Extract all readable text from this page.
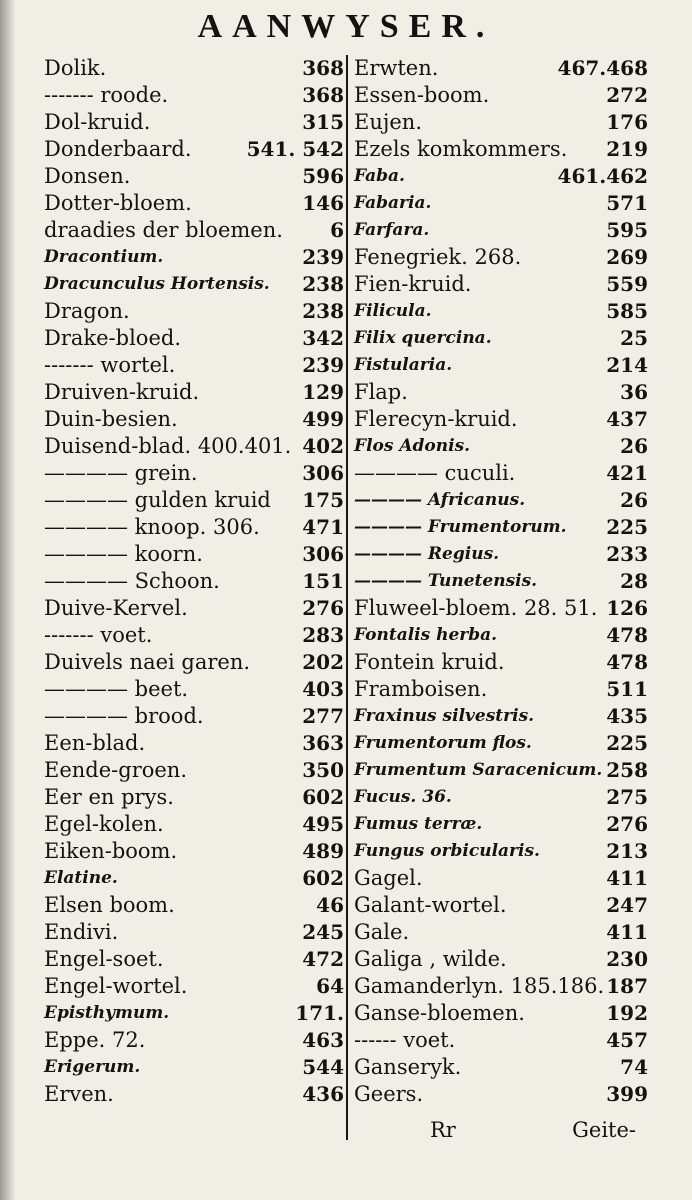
AANWYSER.
Dolik.	368
------- roode.	368
Dol-kruid.	315
Donderbaard.	541. 542
Donsen.	596
Dotter-bloem.	146
draadies der bloemen. 6
Dracontium.	239
Dracunculus Hortensis. 238
Dragon.	238
Drake-bloed.	342
------- wortel.	239
Druiven-kruid.	129
Duin-besien.	499
Duisend-blad. 400.401. 402
———— grein.	306
———— gulden kruid 175
———— knoop. 306. 471
———— koorn.	306
———— Schoon.	151
Duive-Kervel.	276
------- voet.	283
Duivels naei garen.	202
———— beet.	403
———— brood.	277
Een-blad.	363
Eende-groen.	350
Eer en prys.	602
Egel-kolen.	495
Eiken-boom.	489
Elatine.	602
Elsen boom.	46
Endivi.	245
Engel-soet.	472
Engel-wortel.	64
Episthymum.	171.
Eppe. 72.	463
Erigerum.	544
Erven.	436
Erwten.	467.468
Essen-boom.	272
Eujen.	176
Ezels komkommers. 219
Faba.	461.462
Fabaria.	571
Farfara.	595
Fenegriek. 268.	269
Fien-kruid.	559
Filicula.	585
Filix quercina.	25
Fistularia.	214
Flap.	36
Flerecyn-kruid.	437
Flos Adonis.	26
———— cuculi.	421
———— Africanus.	26
———— Frumentorum. 225
———— Regius.	233
———— Tunetensis.	28
Fluweel-bloem. 28. 51. 126
Fontalis herba.	478
Fontein kruid.	478
Framboisen.	511
Fraxinus silvestris.	435
Frumentorum flos.	225
Frumentum Saracenicum. 258
Fucus. 36.	275
Fumus terræ.	276
Fungus orbicularis.	213
Gagel.	411
Galant-wortel.	247
Gale.	411
Galiga , wilde.	230
Gamanderlyn. 185.186. 187
Ganse-bloemen.	192
------ voet.	457
Ganseryk.	74
Geers.	399
Rr	Geite-
